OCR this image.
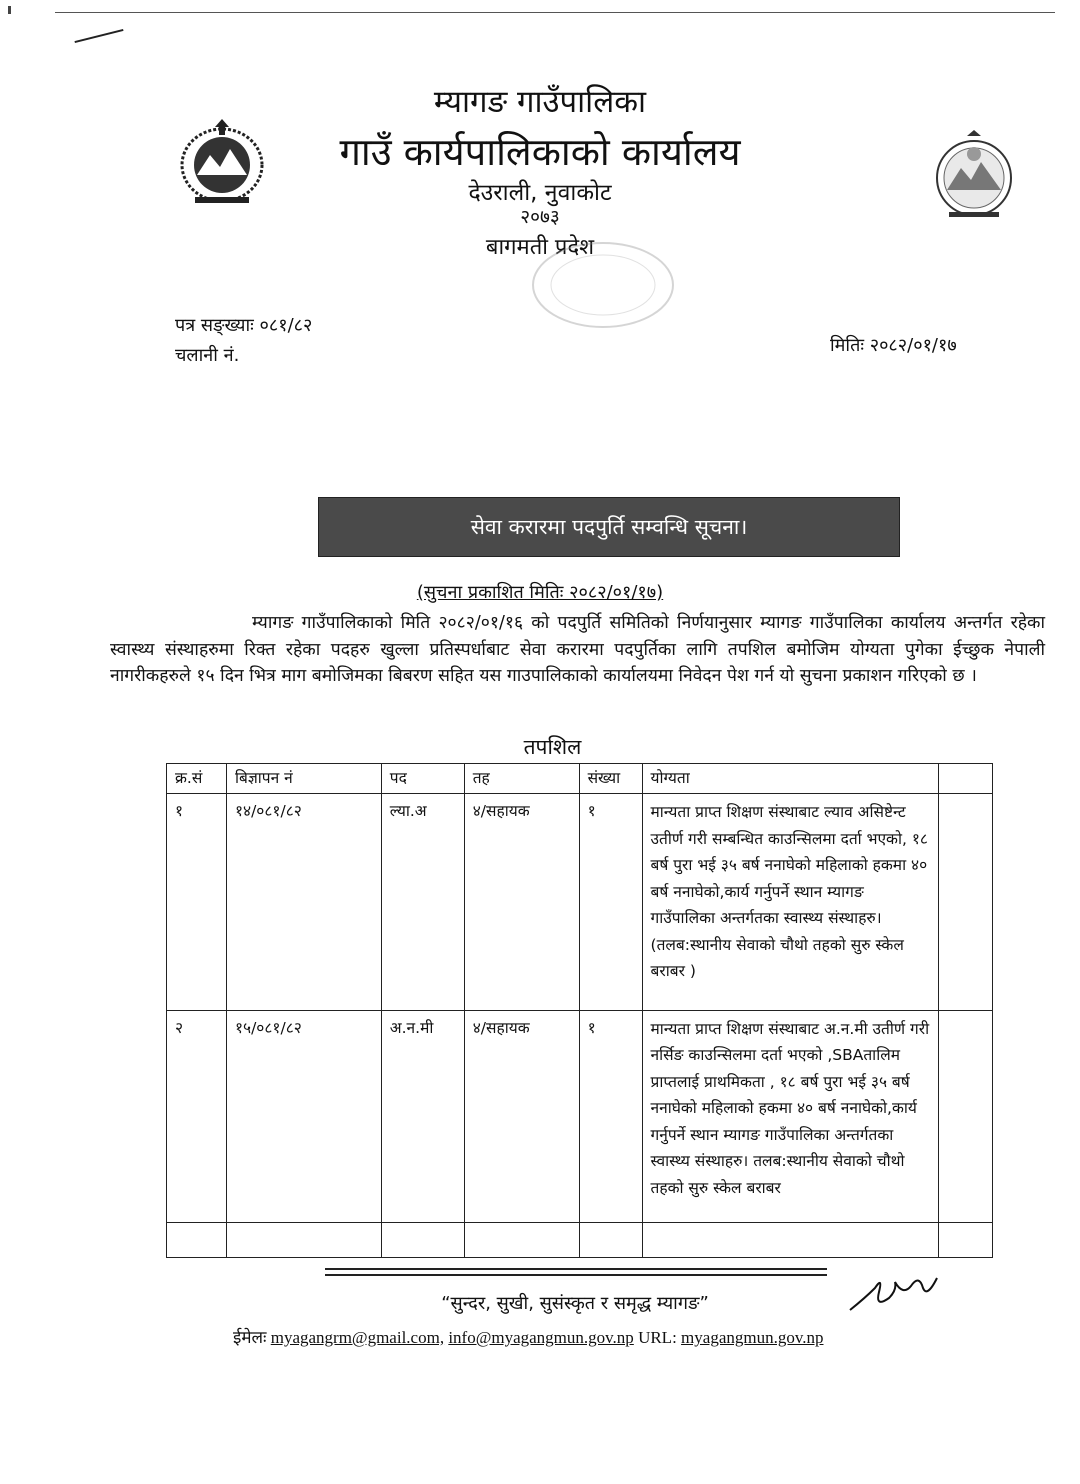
म्यागङ गाउँपालिका
गाउँ कार्यपालिकाको कार्यालय
देउराली, नुवाकोट
२०७३
बागमती प्रदेश
पत्र सङ्ख्याः ०८१/८२
चलानी नं.	मितिः २०८२/०१/१७
सेवा करारमा पदपुर्ति सम्वन्धि सूचना।
(सुचना प्रकाशित मितिः २०८२/०१/१७)
म्यागङ गाउँपालिकाको मिति २०८२/०१/१६ को पदपुर्ति समितिको निर्णयानुसार म्यागङ गाउँपालिका कार्यालय अन्तर्गत रहेका स्वास्थ्य संस्थाहरुमा रिक्त रहेका पदहरु खुल्ला प्रतिस्पर्धाबाट सेवा करारमा पदपुर्तिका लागि तपशिल बमोजिम योग्यता पुगेका ईच्छुक नेपाली नागरीकहरुले १५ दिन भित्र माग बमोजिमका बिबरण सहित यस गाउपालिकाको कार्यालयमा निवेदन पेश गर्न यो सुचना प्रकाशन गरिएको छ ।
तपशिल
क्र.सं	बिज्ञापन नं	पद	तह	संख्या	योग्यता	
१	१४/०८१/८२	ल्या.अ	४/सहायक	१	मान्यता प्राप्त शिक्षण संस्थाबाट ल्याव असिष्टेन्ट उतीर्ण गरी सम्बन्धित काउन्सिलमा दर्ता भएको, १८ बर्ष पुरा भई ३५ बर्ष ननाघेको महिलाको हकमा ४० बर्ष ननाघेको,कार्य गर्नुपर्ने स्थान म्यागङ गाउँपालिका अन्तर्गतका स्वास्थ्य संस्थाहरु। (तलब:स्थानीय सेवाको चौथो तहको सुरु स्केल बराबर )	
२	१५/०८१/८२	अ.न.मी	४/सहायक	१	मान्यता प्राप्त शिक्षण संस्थाबाट अ.न.मी उतीर्ण गरी नर्सिङ काउन्सिलमा दर्ता भएको ,SBAतालिम प्राप्तलाई प्राथमिकता , १८ बर्ष पुरा भई ३५ बर्ष ननाघेको महिलाको हकमा ४० बर्ष ननाघेको,कार्य गर्नुपर्ने स्थान म्यागङ गाउँपालिका अन्तर्गतका स्वास्थ्य संस्थाहरु। तलब:स्थानीय सेवाको चौथो तहको सुरु स्केल बराबर	

“सुन्दर, सुखी, सुसंस्कृत र समृद्ध म्यागङ”
ईमेलः myagangrm@gmail.com, info@myagangmun.gov.np URL: myagangmun.gov.np
